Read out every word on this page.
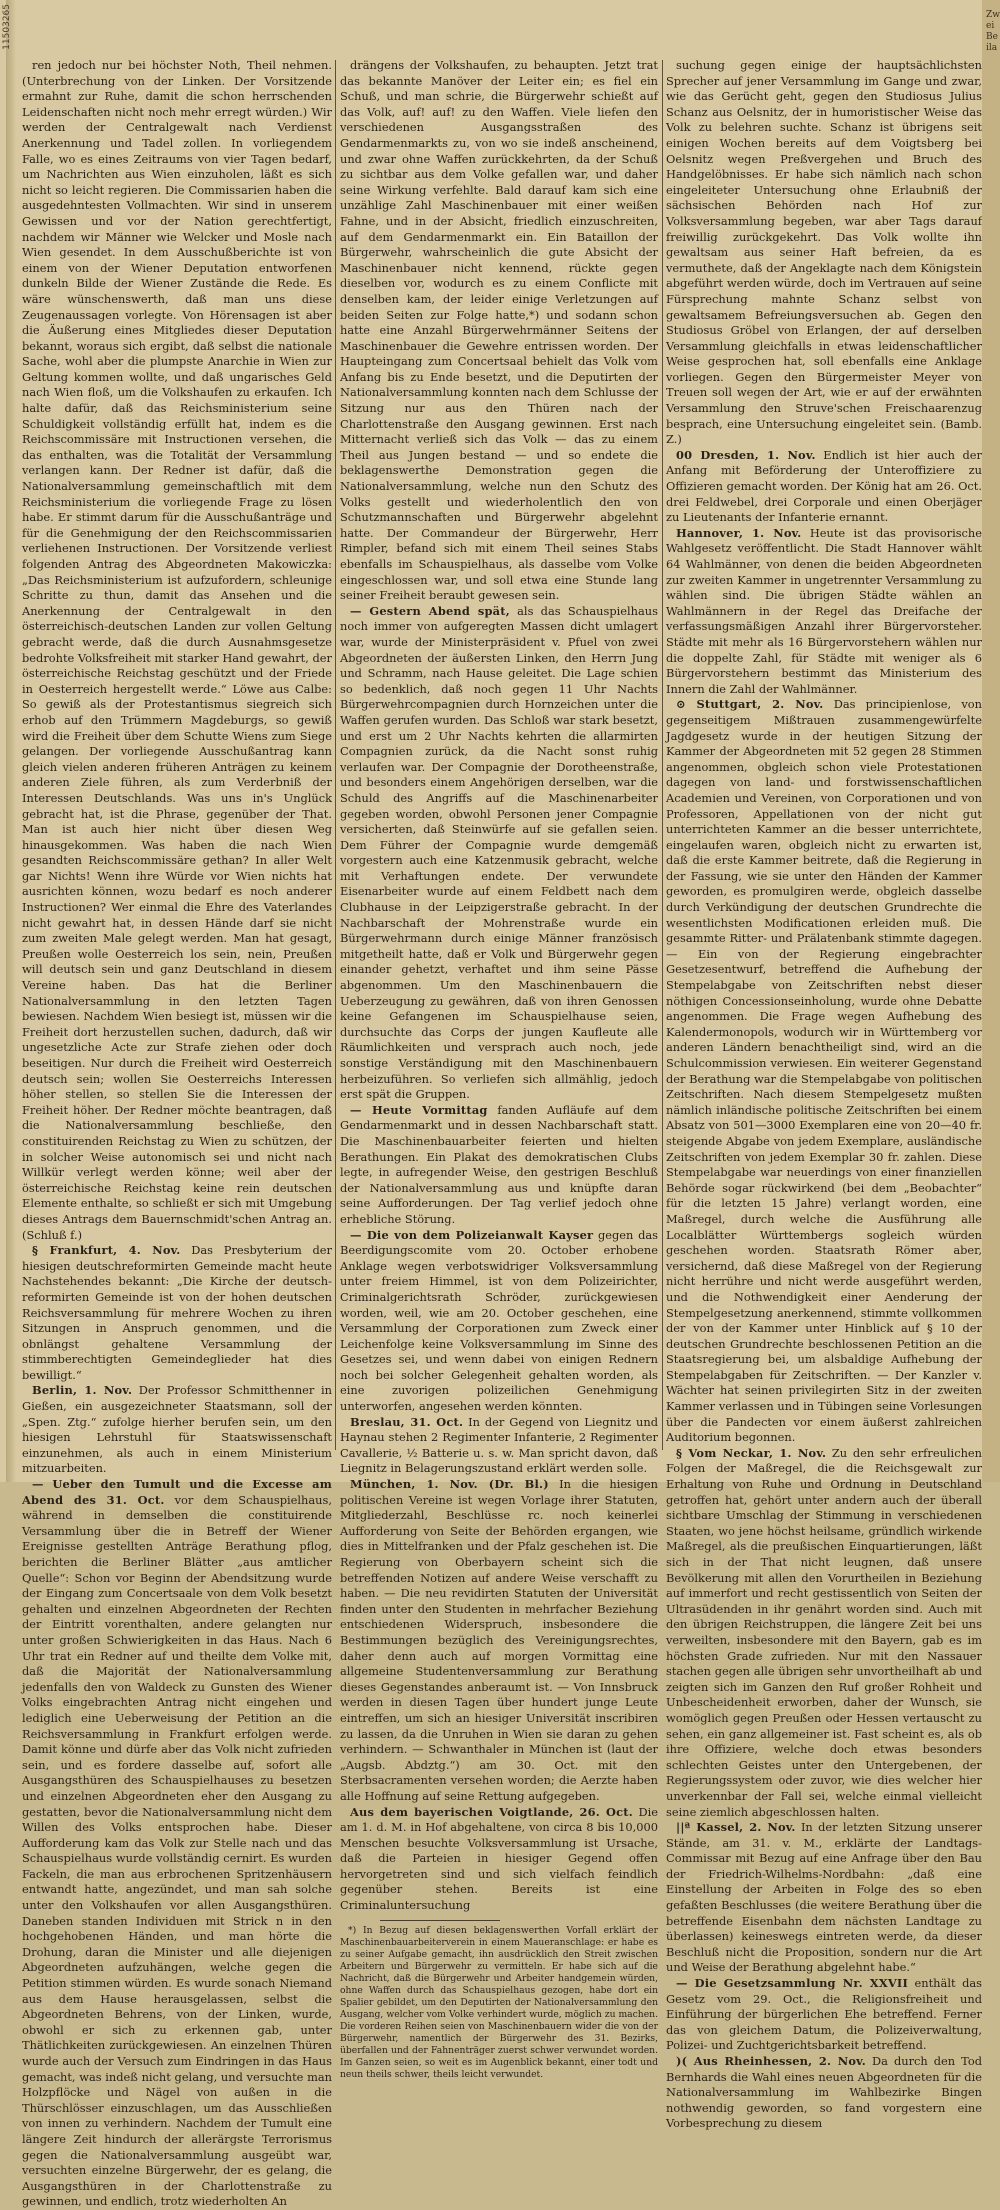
11503265

ren jedoch nur bei höchster Noth, Theil nehmen. (Unterbrechung von der Linken. Der Vorsitzende ermahnt zur Ruhe, damit die schon herrschenden Leidenschaften nicht noch mehr erregt würden.) Wir werden der Centralgewalt nach Verdienst Anerkennung und Tadel zollen. In vorliegendem Falle, wo es eines Zeitraums von vier Tagen bedarf, um Nachrichten aus Wien einzuholen, läßt es sich nicht so leicht regieren. Die Commissarien haben die ausgedehntesten Vollmachten. Wir sind in unserem Gewissen und vor der Nation gerechtfertigt, nachdem wir Männer wie Welcker und Mosle nach Wien gesendet. In dem Ausschußberichte ist von einem von der Wiener Deputation entworfenen dunkeln Bilde der Wiener Zustände die Rede. Es wäre wünschenswerth, daß man uns diese Zeugenaussagen vorlegte. Von Hörensagen ist aber die Äußerung eines Mitgliedes dieser Deputation bekannt, woraus sich ergibt, daß selbst die nationale Sache, wohl aber die plumpste Anarchie in Wien zur Geltung kommen wollte, und daß ungarisches Geld nach Wien floß, um die Volkshaufen zu erkaufen. Ich halte dafür, daß das Reichsministerium seine Schuldigkeit vollständig erfüllt hat, indem es die Reichscommissäre mit Instructionen versehen, die das enthalten, was die Totalität der Versammlung verlangen kann. Der Redner ist dafür, daß die Nationalversammlung gemeinschaftlich mit dem Reichsministerium die vorliegende Frage zu lösen habe. Er stimmt darum für die Ausschußanträge und für die Genehmigung der den Reichscommissarien verliehenen Instructionen. Der Vorsitzende verliest folgenden Antrag des Abgeordneten Makowiczka: „Das Reichsministerium ist aufzufordern, schleunige Schritte zu thun, damit das Ansehen und die Anerkennung der Centralgewalt in den österreichisch-deutschen Landen zur vollen Geltung gebracht werde, daß die durch Ausnahmsgesetze bedrohte Volksfreiheit mit starker Hand gewahrt, der österreichische Reichstag geschützt und der Friede in Oesterreich hergestellt werde.“ Löwe aus Calbe: So gewiß als der Protestantismus siegreich sich erhob auf den Trümmern Magdeburgs, so gewiß wird die Freiheit über dem Schutte Wiens zum Siege gelangen. Der vorliegende Ausschußantrag kann gleich vielen anderen früheren Anträgen zu keinem anderen Ziele führen, als zum Verderbniß der Interessen Deutschlands. Was uns in's Unglück gebracht hat, ist die Phrase, gegenüber der That. Man ist auch hier nicht über diesen Weg hinausgekommen. Was haben die nach Wien gesandten Reichscommissäre gethan? In aller Welt gar Nichts! Wenn ihre Würde vor Wien nichts hat ausrichten können, wozu bedarf es noch anderer Instructionen? Wer einmal die Ehre des Vaterlandes nicht gewahrt hat, in dessen Hände darf sie nicht zum zweiten Male gelegt werden. Man hat gesagt, Preußen wolle Oesterreich los sein, nein, Preußen will deutsch sein und ganz Deutschland in diesem Vereine haben. Das hat die Berliner Nationalversammlung in den letzten Tagen bewiesen. Nachdem Wien besiegt ist, müssen wir die Freiheit dort herzustellen suchen, dadurch, daß wir ungesetzliche Acte zur Strafe ziehen oder doch beseitigen. Nur durch die Freiheit wird Oesterreich deutsch sein; wollen Sie Oesterreichs Interessen höher stellen, so stellen Sie die Interessen der Freiheit höher. Der Redner möchte beantragen, daß die Nationalversammlung beschließe, den constituirenden Reichstag zu Wien zu schützen, der in solcher Weise autonomisch sei und nicht nach Willkür verlegt werden könne; weil aber der österreichische Reichstag keine rein deutschen Elemente enthalte, so schließt er sich mit Umgebung dieses Antrags dem Bauernschmidt'schen Antrag an. (Schluß f.)

§ Frankfurt, 4. Nov. Das Presbyterium der hiesigen deutschreformirten Gemeinde macht heute Nachstehendes bekannt: „Die Kirche der deutsch-reformirten Gemeinde ist von der hohen deutschen Reichsversammlung für mehrere Wochen zu ihren Sitzungen in Anspruch genommen, und die obnlängst gehaltene Versammlung der stimmberechtigten Gemeindeglieder hat dies bewilligt.“

Berlin, 1. Nov. Der Professor Schmitthenner in Gießen, ein ausgezeichneter Staatsmann, soll der „Spen. Ztg.“ zufolge hierher berufen sein, um den hiesigen Lehrstuhl für Staatswissenschaft einzunehmen, als auch in einem Ministerium mitzuarbeiten.

— Ueber den Tumult und die Excesse am Abend des 31. Oct. vor dem Schauspielhaus, während in demselben die constituirende Versammlung über die in Betreff der Wiener Ereignisse gestellten Anträge Berathung pflog, berichten die Berliner Blätter „aus amtlicher Quelle“: Schon vor Beginn der Abendsitzung wurde der Eingang zum Concertsaale von dem Volk besetzt gehalten und einzelnen Abgeordneten der Rechten der Eintritt vorenthalten, andere gelangten nur unter großen Schwierigkeiten in das Haus. Nach 6 Uhr trat ein Redner auf und theilte dem Volke mit, daß die Majorität der Nationalversammlung jedenfalls den von Waldeck zu Gunsten des Wiener Volks eingebrachten Antrag nicht eingehen und lediglich eine Ueberweisung der Petition an die Reichsversammlung in Frankfurt erfolgen werde. Damit könne und dürfe aber das Volk nicht zufrieden sein, und es fordere dasselbe auf, sofort alle Ausgangsthüren des Schauspielhauses zu besetzen und einzelnen Abgeordneten eher den Ausgang zu gestatten, bevor die Nationalversammlung nicht dem Willen des Volks entsprochen habe. Dieser Aufforderung kam das Volk zur Stelle nach und das Schauspielhaus wurde vollständig cernirt. Es wurden Fackeln, die man aus erbrochenen Spritzenhäusern entwandt hatte, angezündet, und man sah solche unter den Volkshaufen vor allen Ausgangsthüren. Daneben standen Individuen mit Strick n in den hochgehobenen Händen, und man hörte die Drohung, daran die Minister und alle diejenigen Abgeordneten aufzuhängen, welche gegen die Petition stimmen würden. Es wurde sonach Niemand aus dem Hause herausgelassen, selbst die Abgeordneten Behrens, von der Linken, wurde, obwohl er sich zu erkennen gab, unter Thätlichkeiten zurückgewiesen. An einzelnen Thüren wurde auch der Versuch zum Eindringen in das Haus gemacht, was indeß nicht gelang, und versuchte man Holzpflöcke und Nägel von außen in die Thürschlösser einzuschlagen, um das Ausschließen von innen zu verhindern. Nachdem der Tumult eine längere Zeit hindurch der allerärgste Terrorismus gegen die Nationalversammlung ausgeübt war, versuchten einzelne Bürgerwehr, der es gelang, die Ausgangsthüren in der Charlottenstraße zu gewinnen, und endlich, trotz wiederholten An

drängens der Volkshaufen, zu behaupten. Jetzt trat das bekannte Manöver der Leiter ein; es fiel ein Schuß, und man schrie, die Bürgerwehr schießt auf das Volk, auf! auf! zu den Waffen. Viele liefen den verschiedenen Ausgangsstraßen des Gendarmenmarkts zu, von wo sie indeß anscheinend, und zwar ohne Waffen zurückkehrten, da der Schuß zu sichtbar aus dem Volke gefallen war, und daher seine Wirkung verfehlte. Bald darauf kam sich eine unzählige Zahl Maschinenbauer mit einer weißen Fahne, und in der Absicht, friedlich einzuschreiten, auf dem Gendarmenmarkt ein. Ein Bataillon der Bürgerwehr, wahrscheinlich die gute Absicht der Maschinenbauer nicht kennend, rückte gegen dieselben vor, wodurch es zu einem Conflicte mit denselben kam, der leider einige Verletzungen auf beiden Seiten zur Folge hatte,*) und sodann schon hatte eine Anzahl Bürgerwehrmänner Seitens der Maschinenbauer die Gewehre entrissen worden. Der Haupteingang zum Concertsaal behielt das Volk vom Anfang bis zu Ende besetzt, und die Deputirten der Nationalversammlung konnten nach dem Schlusse der Sitzung nur aus den Thüren nach der Charlottenstraße den Ausgang gewinnen. Erst nach Mitternacht verließ sich das Volk — das zu einem Theil aus Jungen bestand — und so endete die beklagenswerthe Demonstration gegen die Nationalversammlung, welche nun den Schutz des Volks gestellt und wiederholentlich den von Schutzmannschaften und Bürgerwehr abgelehnt hatte. Der Commandeur der Bürgerwehr, Herr Rimpler, befand sich mit einem Theil seines Stabs ebenfalls im Schauspielhaus, als dasselbe vom Volke eingeschlossen war, und soll etwa eine Stunde lang seiner Freiheit beraubt gewesen sein.

— Gestern Abend spät, als das Schauspielhaus noch immer von aufgeregten Massen dicht umlagert war, wurde der Ministerpräsident v. Pfuel von zwei Abgeordneten der äußersten Linken, den Herrn Jung und Schramm, nach Hause geleitet. Die Lage schien so bedenklich, daß noch gegen 11 Uhr Nachts Bürgerwehrcompagnien durch Hornzeichen unter die Waffen gerufen wurden. Das Schloß war stark besetzt, und erst um 2 Uhr Nachts kehrten die allarmirten Compagnien zurück, da die Nacht sonst ruhig verlaufen war. Der Compagnie der Dorotheenstraße, und besonders einem Angehörigen derselben, war die Schuld des Angriffs auf die Maschinenarbeiter gegeben worden, obwohl Personen jener Compagnie versicherten, daß Steinwürfe auf sie gefallen seien. Dem Führer der Compagnie wurde demgemäß vorgestern auch eine Katzenmusik gebracht, welche mit Verhaftungen endete. Der verwundete Eisenarbeiter wurde auf einem Feldbett nach dem Clubhause in der Leipzigerstraße gebracht. In der Nachbarschaft der Mohrenstraße wurde ein Bürgerwehrmann durch einige Männer französisch mitgetheilt hatte, daß er Volk und Bürgerwehr gegen einander gehetzt, verhaftet und ihm seine Pässe abgenommen. Um den Maschinenbauern die Ueberzeugung zu gewähren, daß von ihren Genossen keine Gefangenen im Schauspielhause seien, durchsuchte das Corps der jungen Kaufleute alle Räumlichkeiten und versprach auch noch, jede sonstige Verständigung mit den Maschinenbauern herbeizuführen. So verliefen sich allmählig, jedoch erst spät die Gruppen.

— Heute Vormittag fanden Aufläufe auf dem Gendarmenmarkt und in dessen Nachbarschaft statt. Die Maschinenbauarbeiter feierten und hielten Berathungen. Ein Plakat des demokratischen Clubs legte, in aufregender Weise, den gestrigen Beschluß der Nationalversammlung aus und knüpfte daran seine Aufforderungen. Der Tag verlief jedoch ohne erhebliche Störung.

— Die von dem Polizeianwalt Kayser gegen das Beerdigungscomite vom 20. October erhobene Anklage wegen verbotswidriger Volksversammlung unter freiem Himmel, ist von dem Polizeirichter, Criminalgerichtsrath Schröder, zurückgewiesen worden, weil, wie am 20. October geschehen, eine Versammlung der Corporationen zum Zweck einer Leichenfolge keine Volksversammlung im Sinne des Gesetzes sei, und wenn dabei von einigen Rednern noch bei solcher Gelegenheit gehalten worden, als eine zuvorigen polizeilichen Genehmigung unterworfen, angesehen werden könnten.

Breslau, 31. Oct. In der Gegend von Liegnitz und Haynau stehen 2 Regimenter Infanterie, 2 Regimenter Cavallerie, ½ Batterie u. s. w. Man spricht davon, daß Liegnitz in Belagerungszustand erklärt werden solle.

München, 1. Nov. (Dr. Bl.) In die hiesigen politischen Vereine ist wegen Vorlage ihrer Statuten, Mitgliederzahl, Beschlüsse rc. noch keinerlei Aufforderung von Seite der Behörden ergangen, wie dies in Mittelfranken und der Pfalz geschehen ist. Die Regierung von Oberbayern scheint sich die betreffenden Notizen auf andere Weise verschafft zu haben. — Die neu revidirten Statuten der Universität finden unter den Studenten in mehrfacher Beziehung entschiedenen Widerspruch, insbesondere die Bestimmungen bezüglich des Vereinigungsrechtes, daher denn auch auf morgen Vormittag eine allgemeine Studentenversammlung zur Berathung dieses Gegenstandes anberaumt ist. — Von Innsbruck werden in diesen Tagen über hundert junge Leute eintreffen, um sich an hiesiger Universität inscribiren zu lassen, da die Unruhen in Wien sie daran zu gehen verhindern. — Schwanthaler in München ist (laut der „Augsb. Abdztg.“) am 30. Oct. mit den Sterbsacramenten versehen worden; die Aerzte haben alle Hoffnung auf seine Rettung aufgegeben.

Aus dem bayerischen Voigtlande, 26. Oct. Die am 1. d. M. in Hof abgehaltene, von circa 8 bis 10,000 Menschen besuchte Volksversammlung ist Ursache, daß die Parteien in hiesiger Gegend offen hervorgetreten sind und sich vielfach feindlich gegenüber stehen. Bereits ist eine Criminaluntersuchung

*) In Bezug auf diesen beklagenswerthen Vorfall erklärt der Maschinenbauarbeiterverein in einem Maueranschlage: er habe es zu seiner Aufgabe gemacht, ihn ausdrücklich den Streit zwischen Arbeitern und Bürgerwehr zu vermitteln. Er habe sich auf die Nachricht, daß die Bürgerwehr und Arbeiter handgemein würden, ohne Waffen durch das Schauspielhaus gezogen, habe dort ein Spalier gebildet, um den Deputirten der Nationalversammlung den Ausgang, welcher vom Volke verhindert wurde, möglich zu machen. Die vorderen Reihen seien von Maschinenbauern wider die von der Bürgerwehr, namentlich der Bürgerwehr des 31. Bezirks, überfallen und der Fahnenträger zuerst schwer verwundet worden. Im Ganzen seien, so weit es im Augenblick bekannt, einer todt und neun theils schwer, theils leicht verwundet.

suchung gegen einige der hauptsächlichsten Sprecher auf jener Versammlung im Gange und zwar, wie das Gerücht geht, gegen den Studiosus Julius Schanz aus Oelsnitz, der in humoristischer Weise das Volk zu belehren suchte. Schanz ist übrigens seit einigen Wochen bereits auf dem Voigtsberg bei Oelsnitz wegen Preßvergehen und Bruch des Handgelöbnisses. Er habe sich nämlich nach schon eingeleiteter Untersuchung ohne Erlaubniß der sächsischen Behörden nach Hof zur Volksversammlung begeben, war aber Tags darauf freiwillig zurückgekehrt. Das Volk wollte ihn gewaltsam aus seiner Haft befreien, da es vermuthete, daß der Angeklagte nach dem Königstein abgeführt werden würde, doch im Vertrauen auf seine Fürsprechung mahnte Schanz selbst von gewaltsamem Befreiungsversuchen ab. Gegen den Studiosus Gröbel von Erlangen, der auf derselben Versammlung gleichfalls in etwas leidenschaftlicher Weise gesprochen hat, soll ebenfalls eine Anklage vorliegen. Gegen den Bürgermeister Meyer von Treuen soll wegen der Art, wie er auf der erwähnten Versammlung den Struve'schen Freischaarenzug besprach, eine Untersuchung eingeleitet sein. (Bamb. Z.)

00 Dresden, 1. Nov. Endlich ist hier auch der Anfang mit Beförderung der Unteroffiziere zu Offizieren gemacht worden. Der König hat am 26. Oct. drei Feldwebel, drei Corporale und einen Oberjäger zu Lieutenants der Infanterie ernannt.

Hannover, 1. Nov. Heute ist das provisorische Wahlgesetz veröffentlicht. Die Stadt Hannover wählt 64 Wahlmänner, von denen die beiden Abgeordneten zur zweiten Kammer in ungetrennter Versammlung zu wählen sind. Die übrigen Städte wählen an Wahlmännern in der Regel das Dreifache der verfassungsmäßigen Anzahl ihrer Bürgervorsteher. Städte mit mehr als 16 Bürgervorstehern wählen nur die doppelte Zahl, für Städte mit weniger als 6 Bürgervorstehern bestimmt das Ministerium des Innern die Zahl der Wahlmänner.

⊙ Stuttgart, 2. Nov. Das principienlose, von gegenseitigem Mißtrauen zusammengewürfelte Jagdgesetz wurde in der heutigen Sitzung der Kammer der Abgeordneten mit 52 gegen 28 Stimmen angenommen, obgleich schon viele Protestationen dagegen von land- und forstwissenschaftlichen Academien und Vereinen, von Corporationen und von Professoren, Appellationen von der nicht gut unterrichteten Kammer an die besser unterrichtete, eingelaufen waren, obgleich nicht zu erwarten ist, daß die erste Kammer beitrete, daß die Regierung in der Fassung, wie sie unter den Händen der Kammer geworden, es promulgiren werde, obgleich dasselbe durch Verkündigung der deutschen Grundrechte die wesentlichsten Modificationen erleiden muß. Die gesammte Ritter- und Prälatenbank stimmte dagegen. — Ein von der Regierung eingebrachter Gesetzesentwurf, betreffend die Aufhebung der Stempelabgabe von Zeitschriften nebst dieser nöthigen Concessionseinholung, wurde ohne Debatte angenommen. Die Frage wegen Aufhebung des Kalendermonopols, wodurch wir in Württemberg vor anderen Ländern benachtheiligt sind, wird an die Schulcommission verwiesen. Ein weiterer Gegenstand der Berathung war die Stempelabgabe von politischen Zeitschriften. Nach diesem Stempelgesetz mußten nämlich inländische politische Zeitschriften bei einem Absatz von 501—3000 Exemplaren eine von 20—40 fr. steigende Abgabe von jedem Exemplare, ausländische Zeitschriften von jedem Exemplar 30 fr. zahlen. Diese Stempelabgabe war neuerdings von einer finanziellen Behörde sogar rückwirkend (bei dem „Beobachter“ für die letzten 15 Jahre) verlangt worden, eine Maßregel, durch welche die Ausführung alle Localblätter Württembergs sogleich würden geschehen worden. Staatsrath Römer aber, versichernd, daß diese Maßregel von der Regierung nicht herrühre und nicht werde ausgeführt werden, und die Nothwendigkeit einer Aenderung der Stempelgesetzung anerkennend, stimmte vollkommen der von der Kammer unter Hinblick auf § 10 der deutschen Grundrechte beschlossenen Petition an die Staatsregierung bei, um alsbaldige Aufhebung der Stempelabgaben für Zeitschriften. — Der Kanzler v. Wächter hat seinen privilegirten Sitz in der zweiten Kammer verlassen und in Tübingen seine Vorlesungen über die Pandecten vor einem äußerst zahlreichen Auditorium begonnen.

§ Vom Neckar, 1. Nov. Zu den sehr erfreulichen Folgen der Maßregel, die die Reichsgewalt zur Erhaltung von Ruhe und Ordnung in Deutschland getroffen hat, gehört unter andern auch der überall sichtbare Umschlag der Stimmung in verschiedenen Staaten, wo jene höchst heilsame, gründlich wirkende Maßregel, als die preußischen Einquartierungen, läßt sich in der That nicht leugnen, daß unsere Bevölkerung mit allen den Vorurtheilen in Beziehung auf immerfort und recht gestissentlich von Seiten der Ultrasüdenden in ihr genährt worden sind. Auch mit den übrigen Reichstruppen, die längere Zeit bei uns verweilten, insbesondere mit den Bayern, gab es im höchsten Grade zufrieden. Nur mit den Nassauer stachen gegen alle übrigen sehr unvortheilhaft ab und zeigten sich im Ganzen den Ruf großer Rohheit und Unbescheidenheit erworben, daher der Wunsch, sie womöglich gegen Preußen oder Hessen vertauscht zu sehen, ein ganz allgemeiner ist. Fast scheint es, als ob ihre Offiziere, welche doch etwas besonders schlechten Geistes unter den Untergebenen, der Regierungssystem oder zuvor, wie dies welcher hier unverkennbar der Fall sei, welche einmal vielleicht seine ziemlich abgeschlossen halten.

||ª Kassel, 2. Nov. In der letzten Sitzung unserer Stände, am 31. v. M., erklärte der Landtags-Commissar mit Bezug auf eine Anfrage über den Bau der Friedrich-Wilhelms-Nordbahn: „daß eine Einstellung der Arbeiten in Folge des so eben gefaßten Beschlusses (die weitere Berathung über die betreffende Eisenbahn dem nächsten Landtage zu überlassen) keineswegs eintreten werde, da dieser Beschluß nicht die Proposition, sondern nur die Art und Weise der Berathung abgelehnt habe.“

— Die Gesetzsammlung Nr. XXVII enthält das Gesetz vom 29. Oct., die Religionsfreiheit und Einführung der bürgerlichen Ehe betreffend. Ferner das von gleichem Datum, die Polizeiverwaltung, Polizei- und Zuchtgerichtsbarkeit betreffend.

)( Aus Rheinhessen, 2. Nov. Da durch den Tod Bernhards die Wahl eines neuen Abgeordneten für die Nationalversammlung im Wahlbezirke Bingen nothwendig geworden, so fand vorgestern eine Vorbesprechung zu diesem

Zwei Beila
